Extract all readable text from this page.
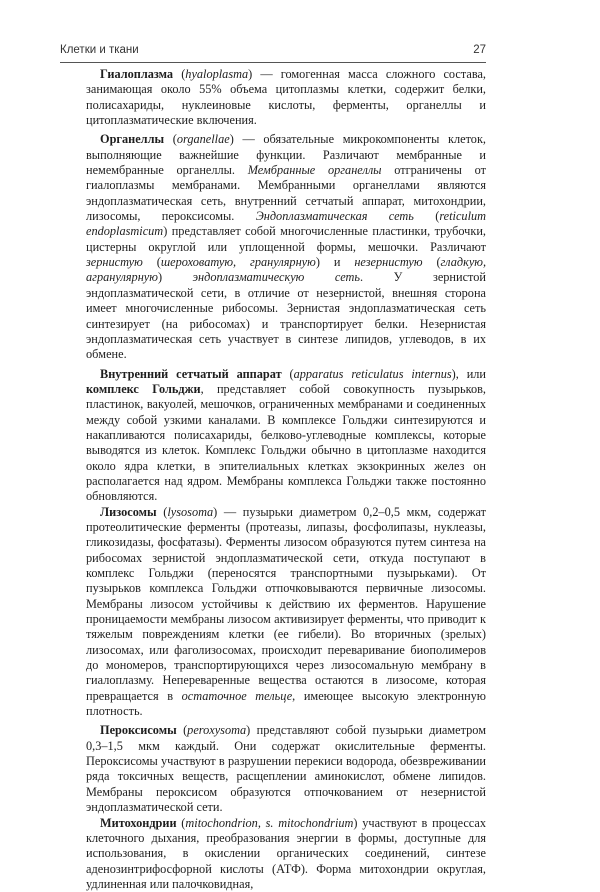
Клетки и ткани	27

Гиалоплазма (hyaloplasma) — гомогенная масса сложного состава, занимающая около 55% объема цитоплазмы клетки, содержит белки, полисахариды, нуклеиновые кислоты, ферменты, органеллы и цитоплазматические включения.

Органеллы (organellae) — обязательные микрокомпоненты клеток, выполняющие важнейшие функции. Различают мембранные и немембранные органеллы. Мембранные органеллы отграничены от гиалоплазмы мембранами. Мембранными органеллами являются эндоплазматическая сеть, внутренний сетчатый аппарат, митохондрии, лизосомы, пероксисомы. Эндоплазматическая сеть (reticulum endoplasmicum) представляет собой многочисленные пластинки, трубочки, цистерны округлой или уплощенной формы, мешочки. Различают зернистую (шероховатую, гранулярную) и незернистую (гладкую, агранулярную) эндоплазматическую сеть. У зернистой эндоплазматической сети, в отличие от незернистой, внешняя сторона имеет многочисленные рибосомы. Зернистая эндоплазматическая сеть синтезирует (на рибосомах) и транспортирует белки. Незернистая эндоплазматическая сеть участвует в синтезе липидов, углеводов, в их обмене.

Внутренний сетчатый аппарат (apparatus reticulatus internus), или комплекс Гольджи, представляет собой совокупность пузырьков, пластинок, вакуолей, мешочков, ограниченных мембранами и соединенных между собой узкими каналами. В комплексе Гольджи синтезируются и накапливаются полисахариды, белково-углеводные комплексы, которые выводятся из клеток. Комплекс Гольджи обычно в цитоплазме находится около ядра клетки, в эпителиальных клетках экзокринных желез он располагается над ядром. Мембраны комплекса Гольджи также постоянно обновляются.

Лизосомы (lysosoma) — пузырьки диаметром 0,2–0,5 мкм, содержат протеолитические ферменты (протеазы, липазы, фосфолипазы, нуклеазы, гликозидазы, фосфатазы). Ферменты лизосом образуются путем синтеза на рибосомах зернистой эндоплазматической сети, откуда поступают в комплекс Гольджи (переносятся транспортными пузырьками). От пузырьков комплекса Гольджи отпочковываются первичные лизосомы. Мембраны лизосом устойчивы к действию их ферментов. Нарушение проницаемости мембраны лизосом активизирует ферменты, что приводит к тяжелым повреждениям клетки (ее гибели). Во вторичных (зрелых) лизосомах, или фаголизосомах, происходит переваривание биополимеров до мономеров, транспортирующихся через лизосомальную мембрану в гиалоплазму. Непереваренные вещества остаются в лизосоме, которая превращается в остаточное тельце, имеющее высокую электронную плотность.

Пероксисомы (peroxysoma) представляют собой пузырьки диаметром 0,3–1,5 мкм каждый. Они содержат окислительные ферменты. Пероксисомы участвуют в разрушении перекиси водорода, обезвреживании ряда токсичных веществ, расщеплении аминокислот, обмене липидов. Мембраны пероксисом образуются отпочкованием от незернистой эндоплазматической сети.

Митохондрии (mitochondrion, s. mitochondrium) участвуют в процессах клеточного дыхания, преобразования энергии в формы, доступные для использования, в окислении органических соединений, синтезе аденозинтрифосфорной кислоты (АТФ). Форма митохондрии округлая, удлиненная или палочковидная,
